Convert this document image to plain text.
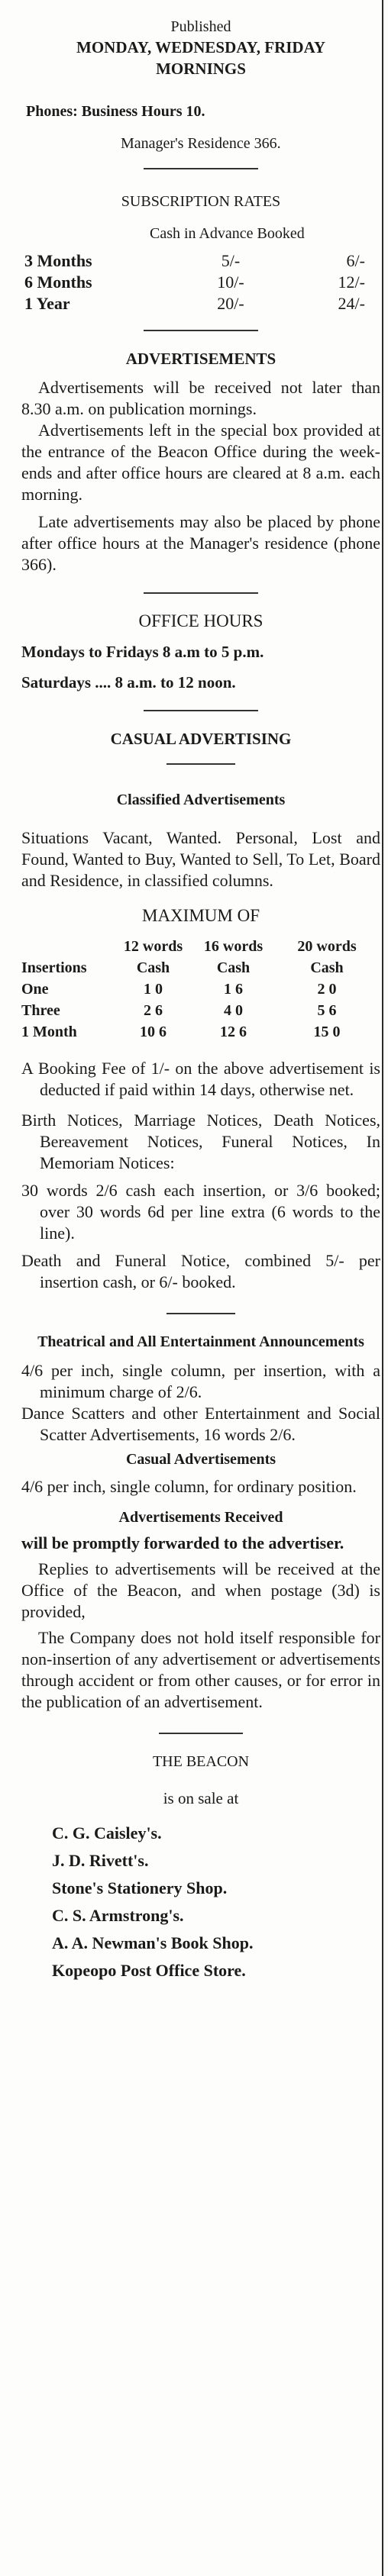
Published
MONDAY, WEDNESDAY, FRIDAY
MORNINGS
Phones: Business Hours 10.
Manager's Residence 366.
SUBSCRIPTION RATES
Cash in Advance Booked
3 Months	5/-	6/-
6 Months	10/-	12/-
1 Year	20/-	24/-
ADVERTISEMENTS

Advertisements will be received not later than 8.30 a.m. on publication mornings.

Advertisements left in the special box provided at the entrance of the Beacon Office during the week-ends and after office hours are cleared at 8 a.m. each morning.

Late advertisements may also be placed by phone after office hours at the Manager's residence (phone 366).

OFFICE HOURS
Mondays to Fridays 8 a.m to 5 p.m.
Saturdays .... 8 a.m. to 12 noon.
CASUAL ADVERTISING
Classified Advertisements

Situations Vacant, Wanted. Personal, Lost and Found, Wanted to Buy, Wanted to Sell, To Let, Board and Residence, in classified columns.

MAXIMUM OF
	12 words	16 words	20 words
Insertions	Cash	Cash	Cash
One	1 0	1 6	2 0
Three	2 6	4 0	5 6
1 Month	10 6	12 6	15 0

A Booking Fee of 1/- on the above advertisement is deducted if paid within 14 days, otherwise net.

Birth Notices, Marriage Notices, Death Notices, Bereavement Notices, Funeral Notices, In Memoriam Notices:

30 words 2/6 cash each insertion, or 3/6 booked; over 30 words 6d per line extra (6 words to the line).

Death and Funeral Notice, combined 5/- per insertion cash, or 6/- booked.

Theatrical and All Entertainment Announcements

4/6 per inch, single column, per insertion, with a minimum charge of 2/6.

Dance Scatters and other Entertainment and Social Scatter Advertisements, 16 words 2/6.

Casual Advertisements

4/6 per inch, single column, for ordinary position.

Advertisements Received

will be promptly forwarded to the advertiser.

Replies to advertisements will be received at the Office of the Beacon, and when postage (3d) is provided,

The Company does not hold itself responsible for non-insertion of any advertisement or advertisements through accident or from other causes, or for error in the publication of an advertisement.

THE BEACON
is on sale at
C. G. Caisley's.
J. D. Rivett's.
Stone's Stationery Shop.
C. S. Armstrong's.
A. A. Newman's Book Shop.
Kopeopo Post Office Store.
